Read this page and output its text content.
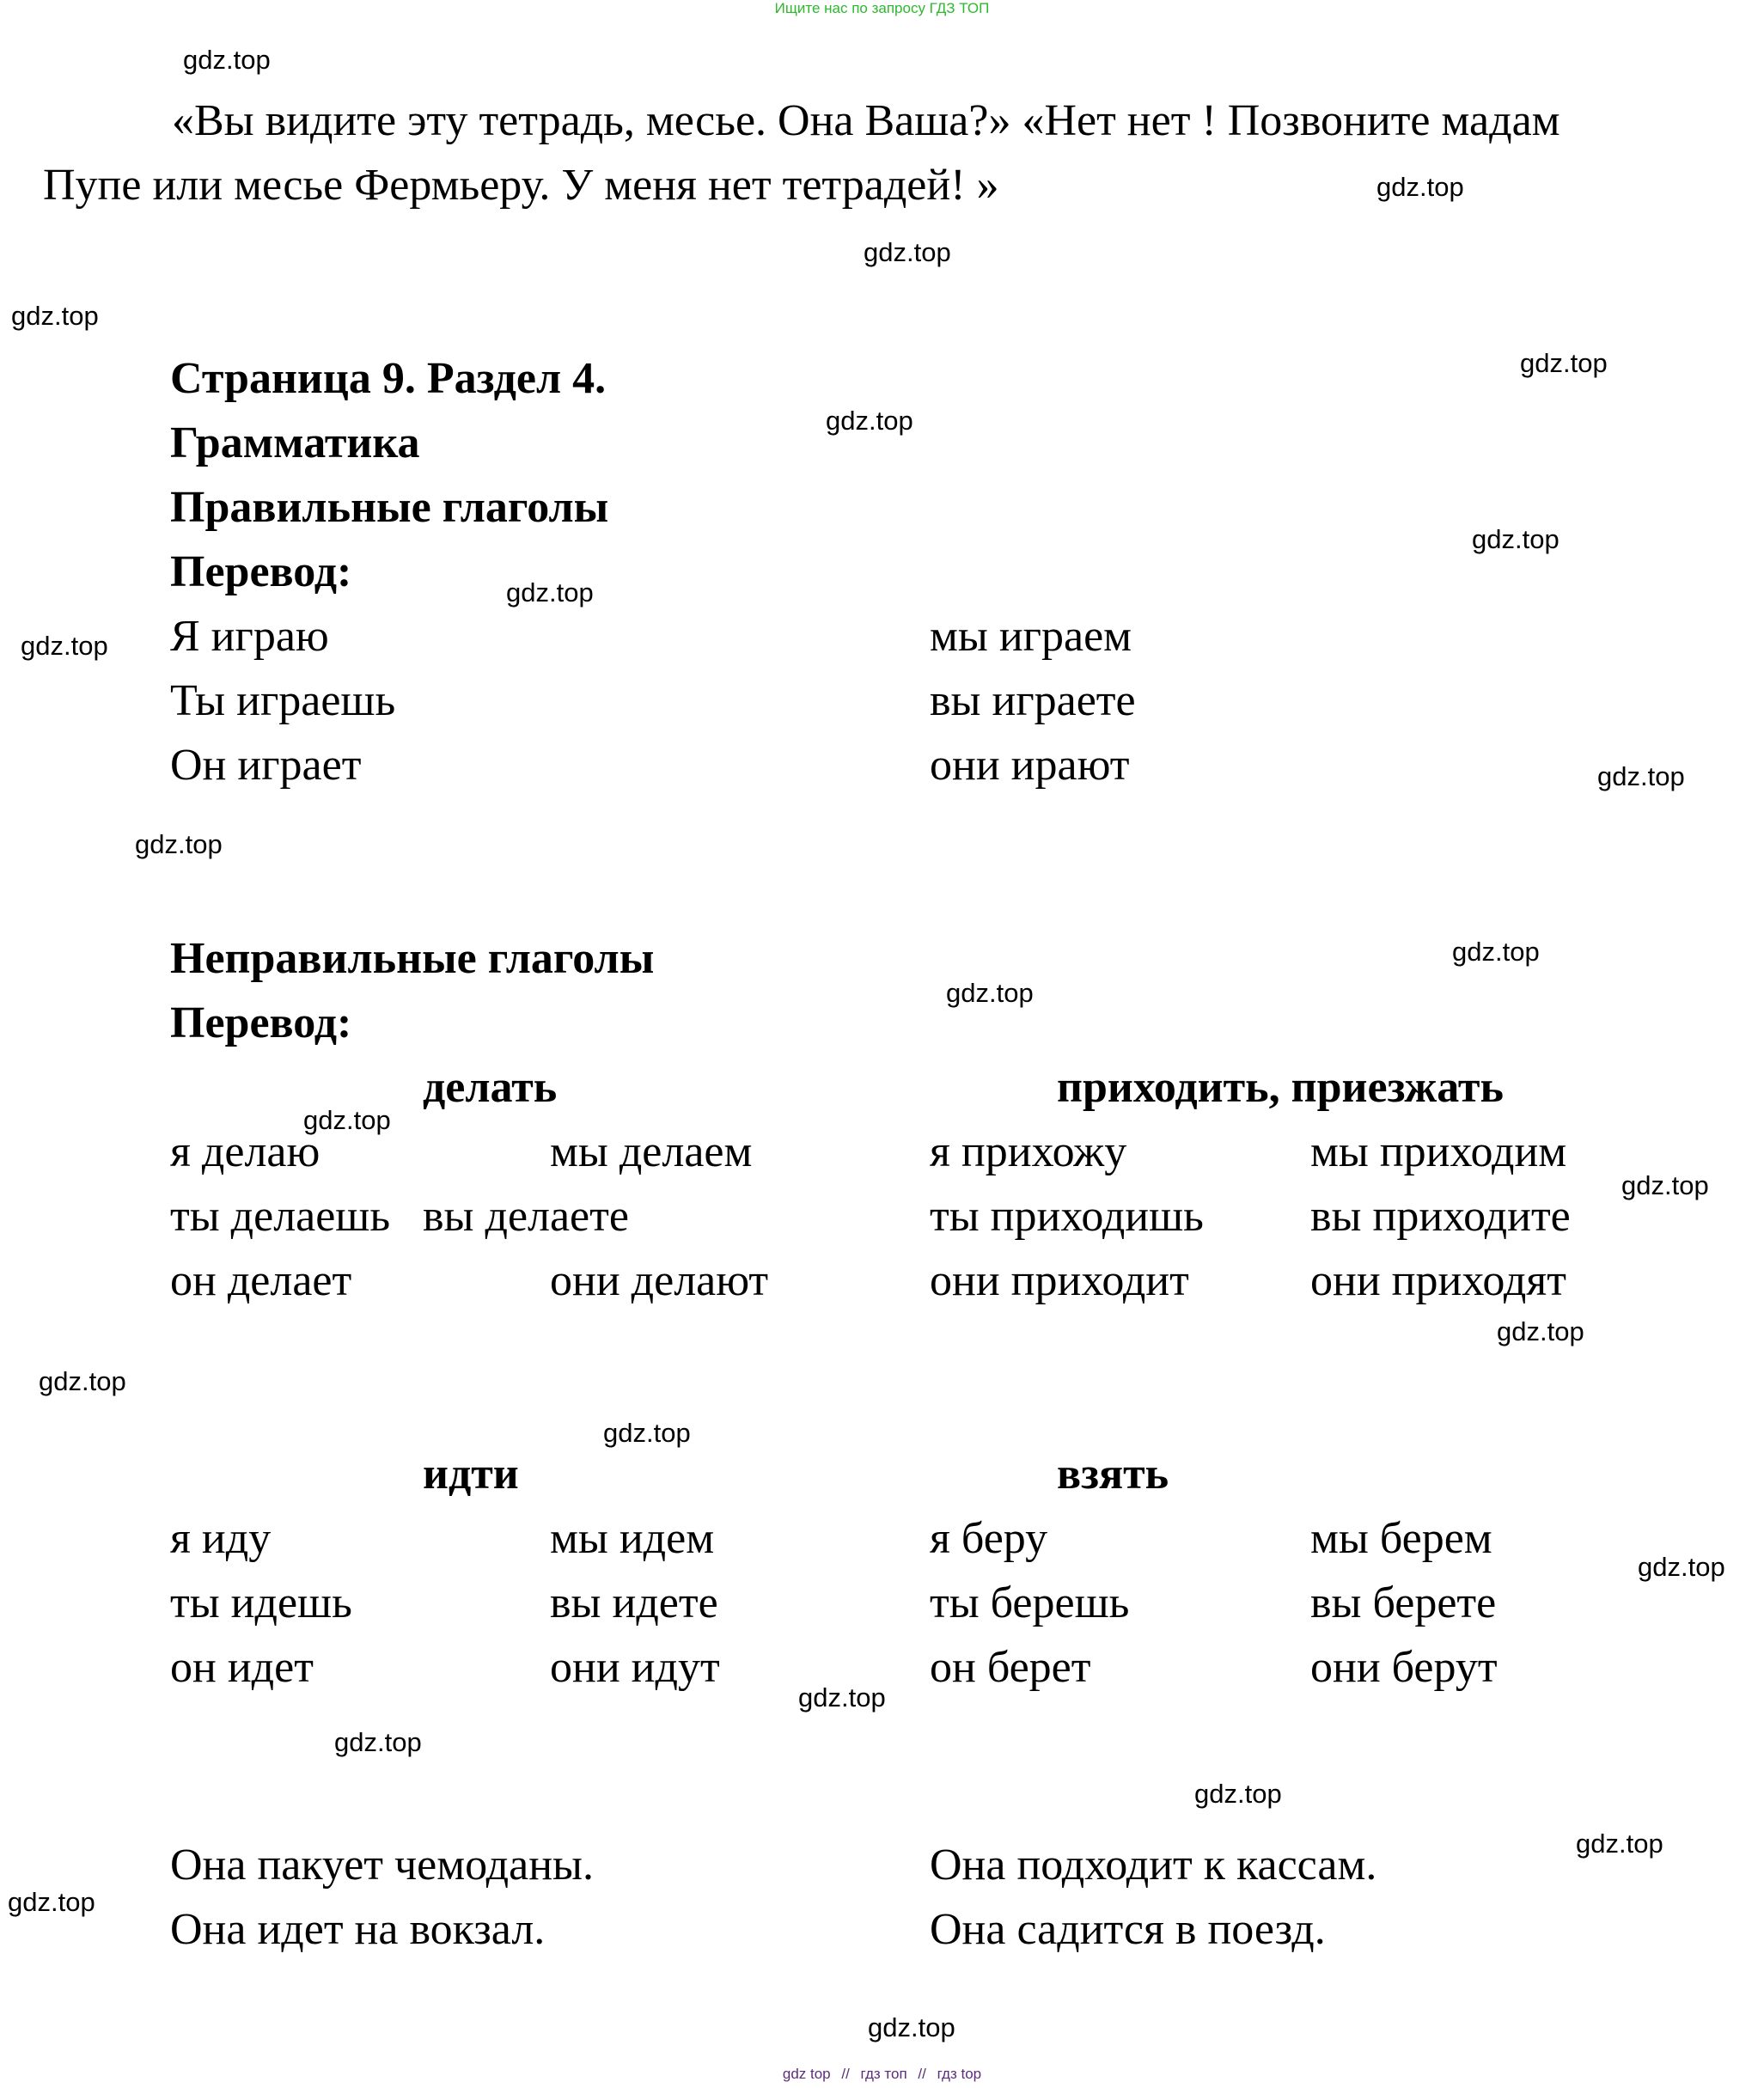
Ищите нас по запросу ГДЗ ТОП
«Вы видите эту тетрадь, месье. Она Ваша?» «Нет нет ! Позвоните мадам
Пупе или месье Фермьеру. У меня нет тетрадей! »
Страница 9. Раздел 4.
Грамматика
Правильные глаголы
Перевод:
Я играю
Ты играешь
Он играет
мы играем
вы играете
они ирают
Неправильные глаголы
Перевод:
делать
я делаю
ты делаешь
он делает
мы делаем
вы делаете
они делают
приходить, приезжать
я прихожу
ты приходишь
они приходит
мы приходим
вы приходите
они приходят
идти
я иду
ты идешь
он идет
мы идем
вы идете
они идут
взять
я беру
ты берешь
он берет
мы берем
вы берете
они берут
Она пакует чемоданы.
Она идет на вокзал.
Она подходит к кассам.
Она садится в поезд.
gdz.top
gdz.top
gdz.top
gdz.top
gdz.top
gdz.top
gdz.top
gdz.top
gdz.top
gdz.top
gdz.top
gdz.top
gdz.top
gdz.top
gdz.top
gdz.top
gdz.top
gdz.top
gdz.top
gdz.top
gdz.top
gdz.top
gdz.top
gdz.top
gdz.top
gdz top // гдз топ // гдз top
